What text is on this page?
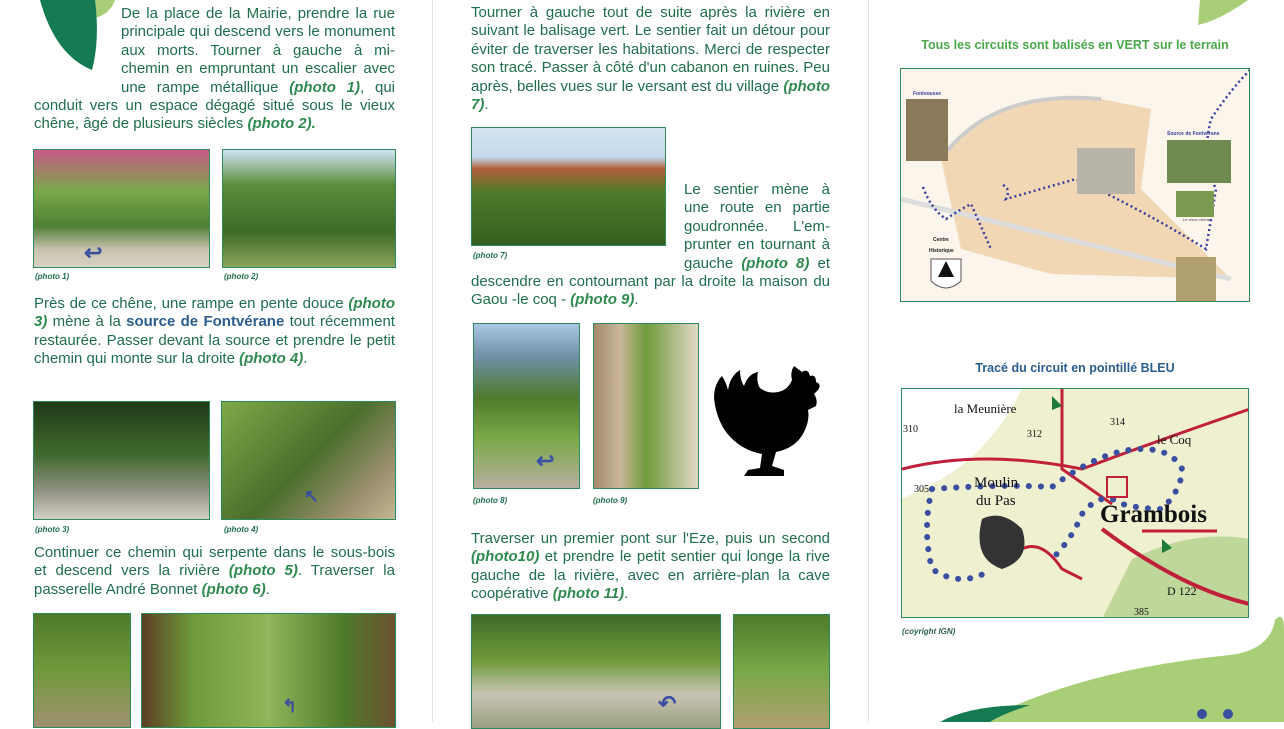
De la place de la Mairie, prendre la rue principale qui descend vers le monument aux morts. Tourner à gauche à mi-chemin en empruntant un escalier avec une rampe métallique (photo 1), qui conduit vers un espace dégagé situé sous le vieux chêne, âgé de plusieurs siècles (photo 2).

↩
(photo 1)	(photo 2)

Près de ce chêne, une rampe en pente douce (photo 3) mène à la source de Fontvérane tout récemment restaurée. Passer devant la source et prendre le petit chemin qui monte sur la droite (photo 4).

↖
(photo 3)	(photo 4)

Continuer ce chemin qui serpente dans le sous-bois et descend vers la rivière (photo 5). Traverser la passerelle André Bonnet (photo 6).

↰

Tourner à gauche tout de suite après la rivière en suivant le balisage vert. Le sentier fait un détour pour éviter de traverser les habitations. Merci de respecter son tracé. Passer à côté d'un cabanon en ruines. Peu après, belles vues sur le versant est du village (photo 7).

(photo 7)

Le sentier mène à une route en partie goudronnée. L'em-prunter en tournant à gauche (photo 8) et descendre en contournant par la droite la maison du Gaou -le coq - (photo 9).

↩
(photo 8)	(photo 9)

Traverser un premier pont sur l'Eze, puis un second (photo10) et prendre le petit sentier qui longe la rive gauche de la rivière, avec en arrière-plan la cave coopérative (photo 11).

↶
Tous les circuits sont balisés en VERT sur le terrain
Fontsousse
Source de Fontvérane
Centre
Historique
Le vieux chêne
Tracé du circuit en pointillé BLEU
la Meunière
Moulin
du Pas
le Coq
Grambois
D 122
310	312
314
305
385
(coyright IGN)
